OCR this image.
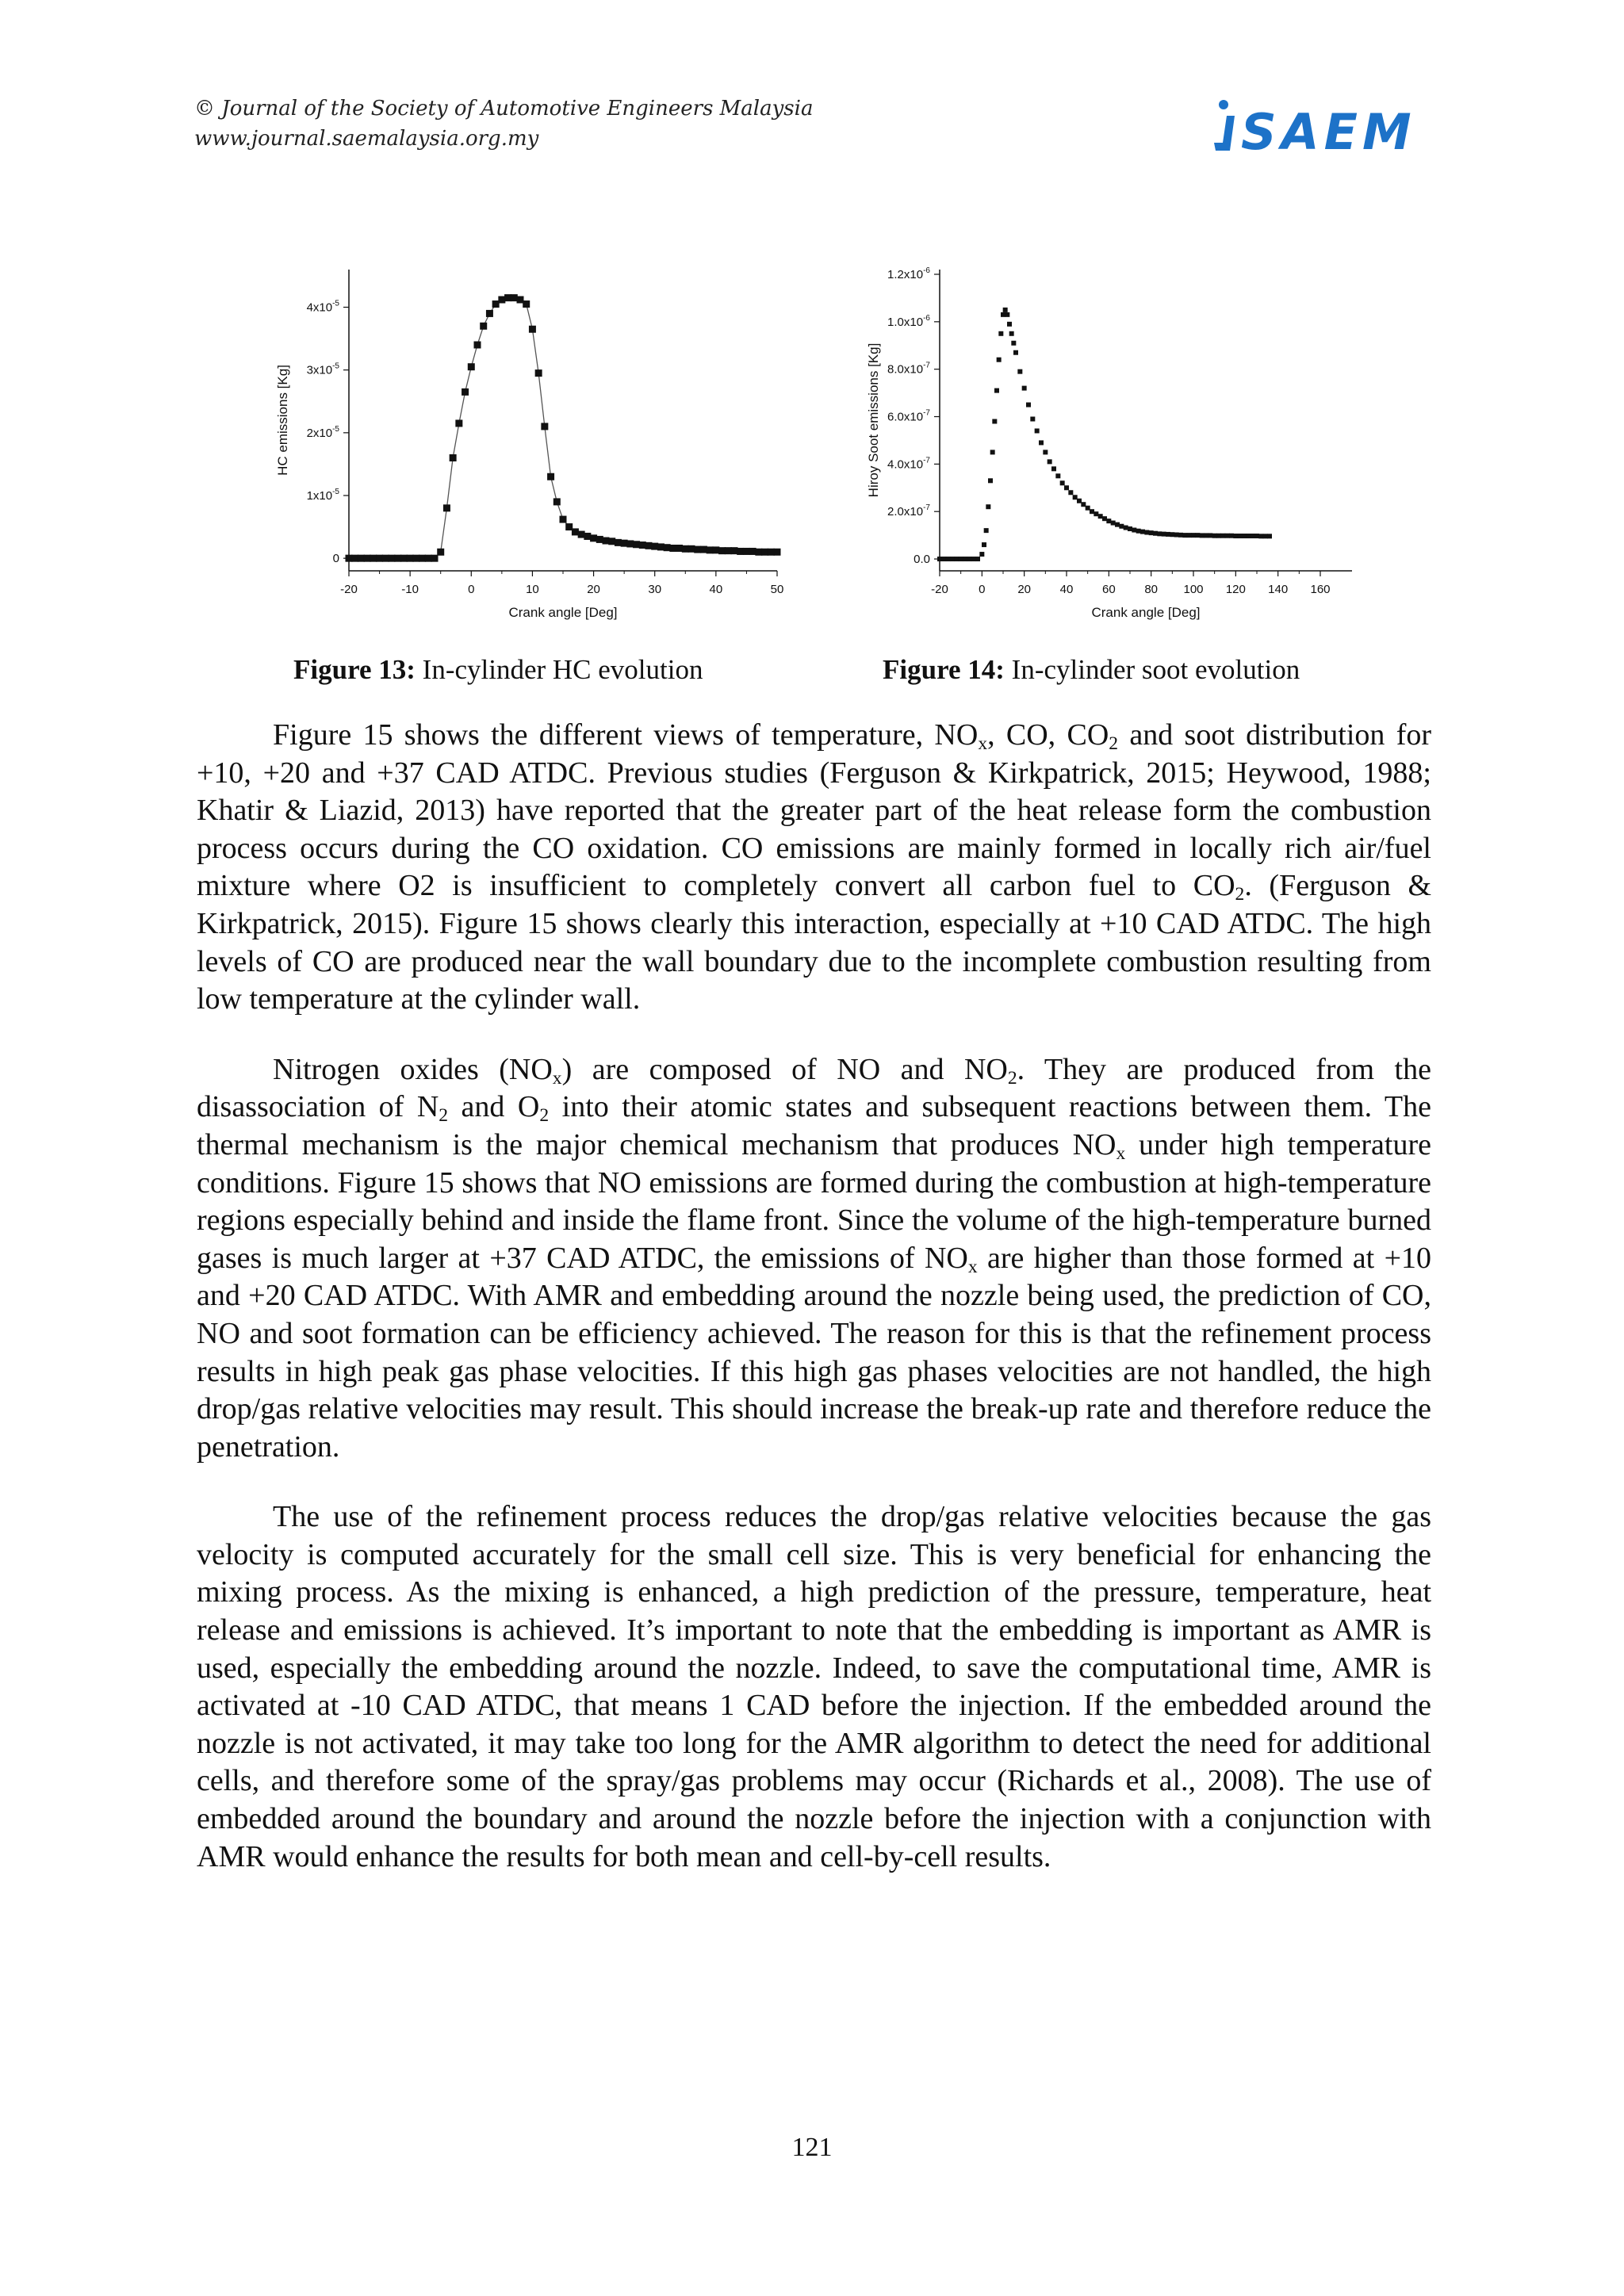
© Journal of the Society of Automotive Engineers Malaysia
www.journal.saemalaysia.org.my	SAEM
-20	-10	0	10	20	30	40	50
0
$1x10^{-5}$
$2x10^{-5}$
$3x10^{-5}$
$4x10^{-5}$
Crank angle [Deg]
HC emissions [Kg]
-20	0	20 40 60 80 100 120 140 160
0.0
$2.0x10^{-7}$
$4.0x10^{-7}$
$6.0x10^{-7}$
$8.0x10^{-7}$
$1.0x10^{-6}$
$1.2x10^{-6}$
Crank angle [Deg]
Hiroy Soot emissions [Kg]
Figure 13: In-cylinder HC evolution	Figure 14: In-cylinder soot evolution

Figure 15 shows the different views of temperature, $NO_x$, CO, $CO_2$ and soot distribution for +10, +20 and +37 CAD ATDC. Previous studies (Ferguson & Kirkpatrick, 2015; Heywood, 1988; Khatir & Liazid, 2013) have reported that the greater part of the heat release form the combustion process occurs during the CO oxidation. CO emissions are mainly formed in locally rich air/fuel mixture where O2 is insufficient to completely convert all carbon fuel to $CO_2$. (Ferguson & Kirkpatrick, 2015). Figure 15 shows clearly this interaction, especially at +10 CAD ATDC. The high levels of CO are produced near the wall boundary due to the incomplete combustion resulting from low temperature at the cylinder wall.

Nitrogen oxides $(NO_x)$ are composed of NO and $NO_2$. They are produced from the disassociation of $N_2$ and $O_2$ into their atomic states and subsequent reactions between them. The thermal mechanism is the major chemical mechanism that produces $NO_x$ under high temperature conditions. Figure 15 shows that NO emissions are formed during the combustion at high-temperature regions especially behind and inside the flame front. Since the volume of the high-temperature burned gases is much larger at +37 CAD ATDC, the emissions of $NO_x$ are higher than those formed at +10 and +20 CAD ATDC. With AMR and embedding around the nozzle being used, the prediction of CO, NO and soot formation can be efficiency achieved. The reason for this is that the refinement process results in high peak gas phase velocities. If this high gas phases velocities are not handled, the high drop/gas relative velocities may result. This should increase the break-up rate and therefore reduce the penetration.

The use of the refinement process reduces the drop/gas relative velocities because the gas velocity is computed accurately for the small cell size. This is very beneficial for enhancing the mixing process. As the mixing is enhanced, a high prediction of the pressure, temperature, heat release and emissions is achieved. It’s important to note that the embedding is important as AMR is used, especially the embedding around the nozzle. Indeed, to save the computational time, AMR is activated at -10 CAD ATDC, that means 1 CAD before the injection. If the embedded around the nozzle is not activated, it may take too long for the AMR algorithm to detect the need for additional cells, and therefore some of the spray/gas problems may occur (Richards et al., 2008). The use of embedded around the boundary and around the nozzle before the injection with a conjunction with AMR would enhance the results for both mean and cell-by-cell results.

121
